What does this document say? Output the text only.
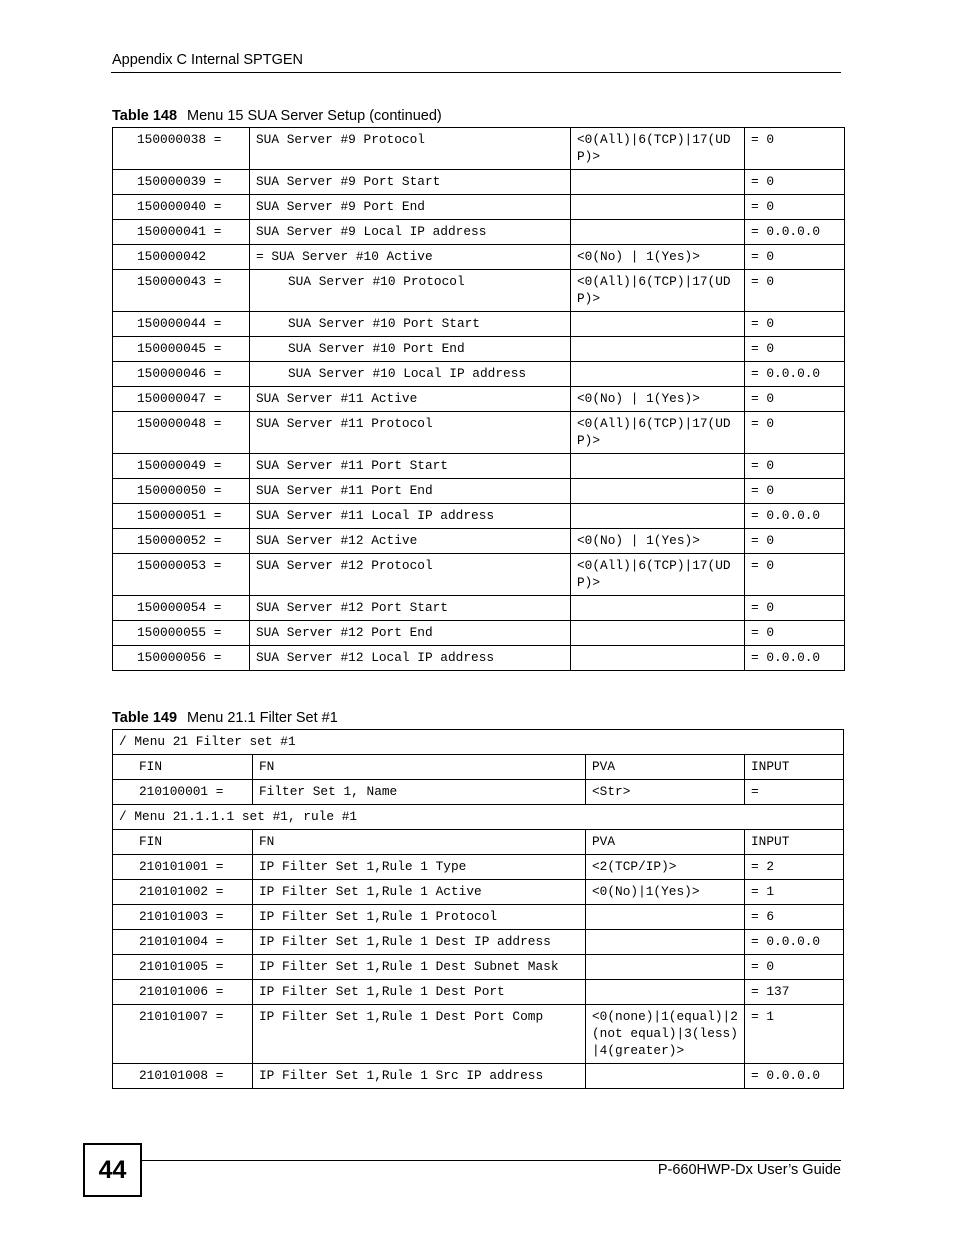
Appendix C Internal SPTGEN
Table 148 Menu 15 SUA Server Setup (continued)
150000038 =	SUA Server #9 Protocol	<0(All)|6(TCP)|17(UDP)>	= 0
150000039 =	SUA Server #9 Port Start		= 0
150000040 =	SUA Server #9 Port End		= 0
150000041 =	SUA Server #9 Local IP address		= 0.0.0.0
150000042	= SUA Server #10 Active	<0(No) | 1(Yes)>	= 0
150000043 =	SUA Server #10 Protocol	<0(All)|6(TCP)|17(UDP)>	= 0
150000044 =	SUA Server #10 Port Start		= 0
150000045 =	SUA Server #10 Port End		= 0
150000046 =	SUA Server #10 Local IP address		= 0.0.0.0
150000047 =	SUA Server #11 Active	<0(No) | 1(Yes)>	= 0
150000048 =	SUA Server #11 Protocol	<0(All)|6(TCP)|17(UDP)>	= 0
150000049 =	SUA Server #11 Port Start		= 0
150000050 =	SUA Server #11 Port End		= 0
150000051 =	SUA Server #11 Local IP address		= 0.0.0.0
150000052 =	SUA Server #12 Active	<0(No) | 1(Yes)>	= 0
150000053 =	SUA Server #12 Protocol	<0(All)|6(TCP)|17(UDP)>	= 0
150000054 =	SUA Server #12 Port Start		= 0
150000055 =	SUA Server #12 Port End		= 0
150000056 =	SUA Server #12 Local IP address		= 0.0.0.0
Table 149 Menu 21.1 Filter Set #1
/ Menu 21 Filter set #1			
FIN	FN	PVA	INPUT
210100001 =	Filter Set 1, Name	<Str>	=
/ Menu 21.1.1.1 set #1, rule #1			
FIN	FN	PVA	INPUT
210101001 =	IP Filter Set 1,Rule 1 Type	<2(TCP/IP)>	= 2
210101002 =	IP Filter Set 1,Rule 1 Active	<0(No)|1(Yes)>	= 1
210101003 =	IP Filter Set 1,Rule 1 Protocol		= 6
210101004 =	IP Filter Set 1,Rule 1 Dest IP address		= 0.0.0.0
210101005 =	IP Filter Set 1,Rule 1 Dest Subnet Mask		= 0
210101006 =	IP Filter Set 1,Rule 1 Dest Port		= 137
210101007 =	IP Filter Set 1,Rule 1 Dest Port Comp	<0(none)|1(equal)|2(not equal)|3(less)|4(greater)>	= 1
210101008 =	IP Filter Set 1,Rule 1 Src IP address		= 0.0.0.0
44	P-660HWP-Dx User’s Guide
